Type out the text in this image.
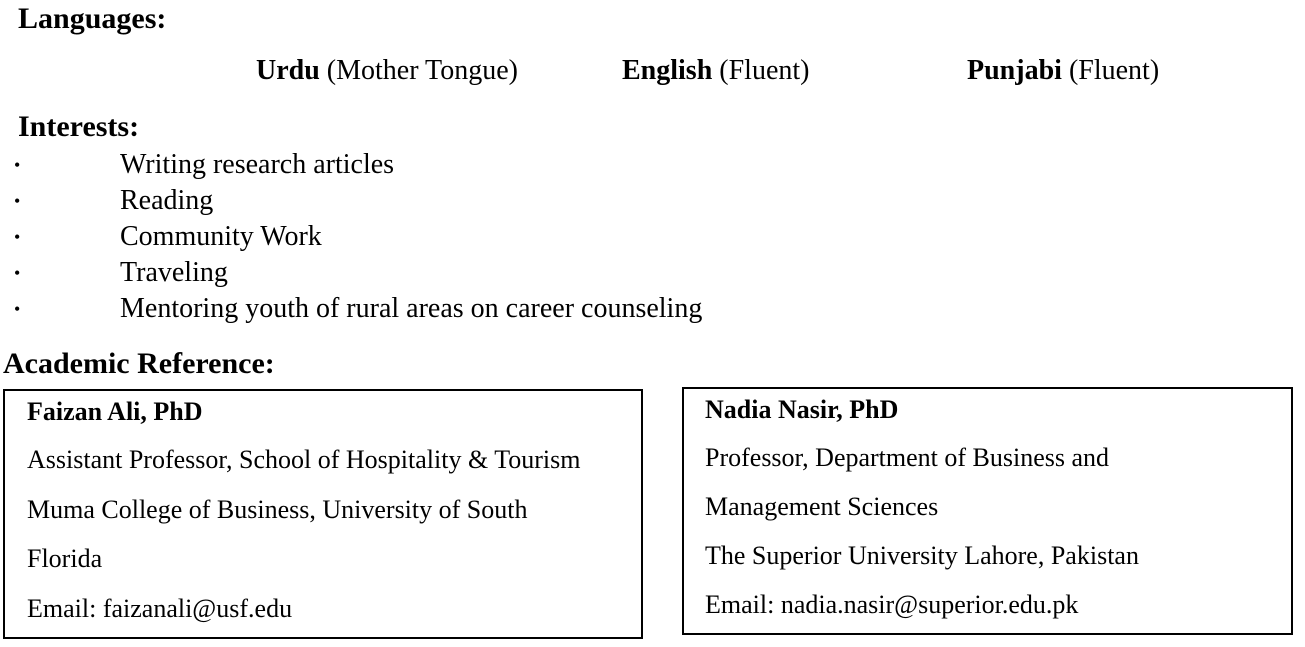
Languages:
Urdu (Mother Tongue)	English (Fluent)	Punjabi (Fluent)
Interests:
•	Writing research articles
•	Reading
•	Community Work
•	Traveling
•	Mentoring youth of rural areas on career counseling
Academic Reference:
Faizan Ali, PhD
Assistant Professor, School of Hospitality & Tourism
Muma College of Business, University of South
Florida
Email: faizanali@usf.edu
Nadia Nasir, PhD
Professor, Department of Business and
Management Sciences
The Superior University Lahore, Pakistan
Email: nadia.nasir@superior.edu.pk
